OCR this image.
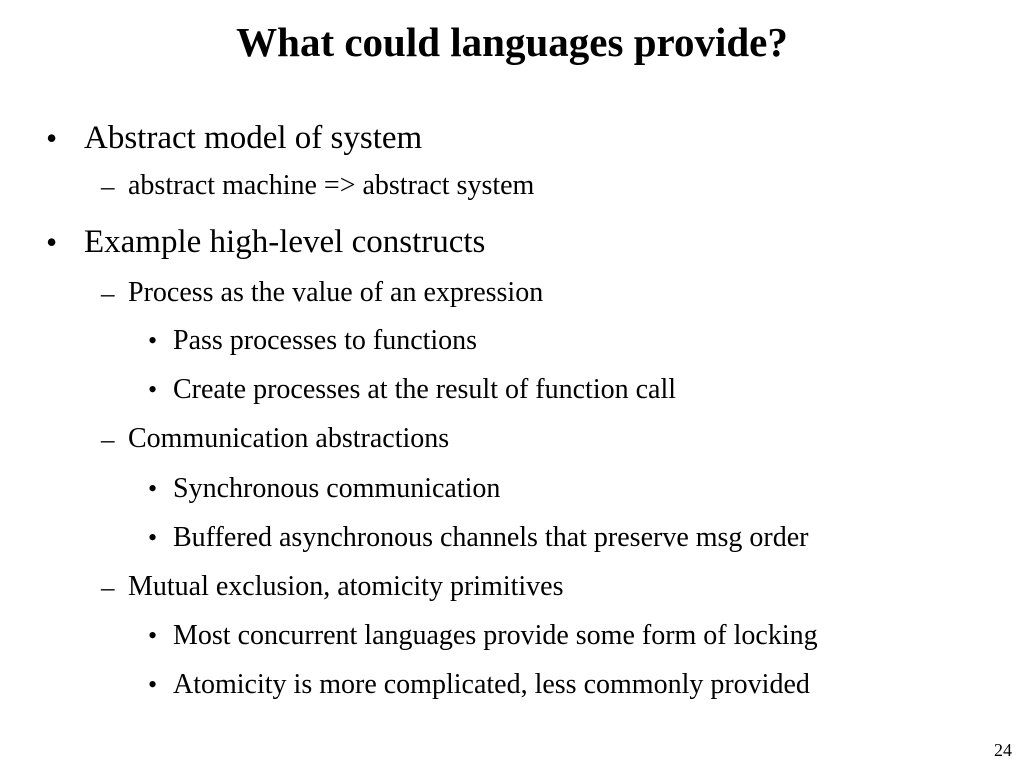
What could languages provide?
• Abstract model of system
– abstract machine => abstract system
• Example high-level constructs
– Process as the value of an expression
• Pass processes to functions
• Create processes at the result of function call
– Communication abstractions
• Synchronous communication
• Buffered asynchronous channels that preserve msg order
– Mutual exclusion, atomicity primitives
• Most concurrent languages provide some form of locking
• Atomicity is more complicated, less commonly provided
24
